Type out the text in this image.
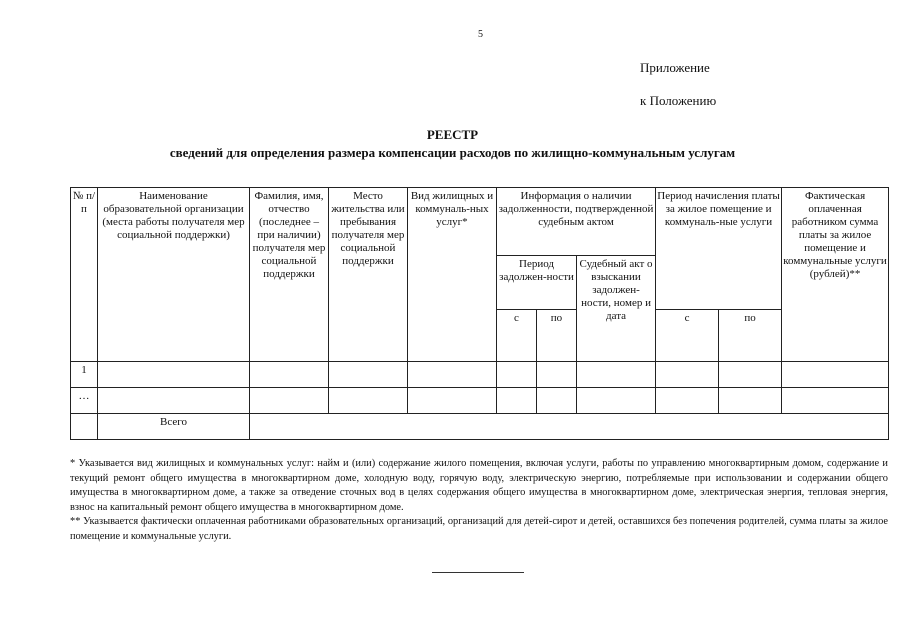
5
Приложение
к Положению
РЕЕСТР
сведений для определения размера компенсации расходов по жилищно-коммунальным услугам
№ п/п	Наименование образовательной организации (места работы получателя мер социальной поддержки)	Фамилия, имя, отчество (последнее – при наличии) получателя мер социальной поддержки	Место жительства или пребывания получателя мер социальной поддержки	Вид жилищных и коммуналь-ных услуг*	Информация о наличии задолженности, подтвержденной судебным актом			Период начисления платы за жилое помещение и коммуналь-ные услуги		Фактическая оплаченная работником сумма платы за жилое помещение и коммунальные услуги (рублей)**
					Период задолжен-ности		Судебный акт о взыскании задолжен-ности, номер и дата			
					с	по		с	по	
1										
…										
	Всего									

* Указывается вид жилищных и коммунальных услуг: найм и (или) содержание жилого помещения, включая услуги, работы по управлению многоквартирным домом, содержание и текущий ремонт общего имущества в многоквартирном доме, холодную воду, горячую воду, электрическую энергию, потребляемые при использовании и содержании общего имущества в многоквартирном доме, а также за отведение сточных вод в целях содержания общего имущества в многоквартирном доме, электрическая энергия, тепловая энергия, взнос на капитальный ремонт общего имущества в многоквартирном доме.

** Указывается фактически оплаченная работниками образовательных организаций, организаций для детей-сирот и детей, оставшихся без попечения родителей, сумма платы за жилое помещение и коммунальные услуги.
